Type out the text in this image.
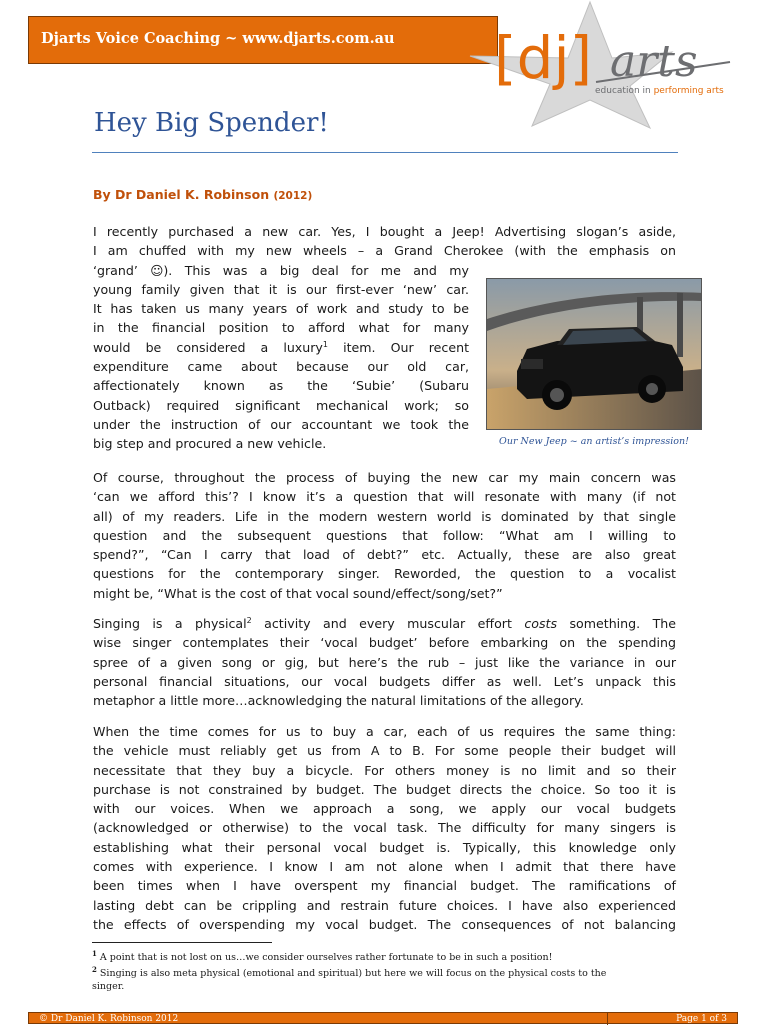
Djarts Voice Coaching ~ www.djarts.com.au [dj] arts
education in performing arts
Hey Big Spender!
By Dr Daniel K. Robinson (2012)
I recently purchased a new car. Yes, I bought a Jeep! Advertising slogan’s aside,
I am chuffed with my new wheels – a Grand Cherokee (with the emphasis on
‘grand’ ☺). This was a big deal for me and my
young family given that it is our first-ever ‘new’ car.
It has taken us many years of work and study to be
in the financial position to afford what for many
would be considered a luxury$^1$ item. Our recent
expenditure came about because our old car,
affectionately known as the ‘Subie’ (Subaru
Outback) required significant mechanical work; so
under the instruction of our accountant we took the
big step and procured a new vehicle.	Our New Jeep ~ an artist’s impression!
Of course, throughout the process of buying the new car my main concern was
‘can we afford this’? I know it’s a question that will resonate with many (if not
all) of my readers. Life in the modern western world is dominated by that single
question and the subsequent questions that follow: “What am I willing to
spend?”, “Can I carry that load of debt?” etc. Actually, these are also great
questions for the contemporary singer. Reworded, the question to a vocalist
might be, “What is the cost of that vocal sound/effect/song/set?”
Singing is a physical$^2$ activity and every muscular effort costs something. The
wise singer contemplates their ‘vocal budget’ before embarking on the spending
spree of a given song or gig, but here’s the rub – just like the variance in our
personal financial situations, our vocal budgets differ as well. Let’s unpack this
metaphor a little more…acknowledging the natural limitations of the allegory.
When the time comes for us to buy a car, each of us requires the same thing:
the vehicle must reliably get us from A to B. For some people their budget will
necessitate that they buy a bicycle. For others money is no limit and so their
purchase is not constrained by budget. The budget directs the choice. So too it is
with our voices. When we approach a song, we apply our vocal budgets
(acknowledged or otherwise) to the vocal task. The difficulty for many singers is
establishing what their personal vocal budget is. Typically, this knowledge only
comes with experience. I know I am not alone when I admit that there have
been times when I have overspent my financial budget. The ramifications of
lasting debt can be crippling and restrain future choices. I have also experienced
the effects of overspending my vocal budget. The consequences of not balancing
$^1$ A point that is not lost on us…we consider ourselves rather fortunate to be in such a position!
$^2$ Singing is also meta physical (emotional and spiritual) but here we will focus on the physical costs to the
singer.
© Dr Daniel K. Robinson 2012	Page 1 of 3
